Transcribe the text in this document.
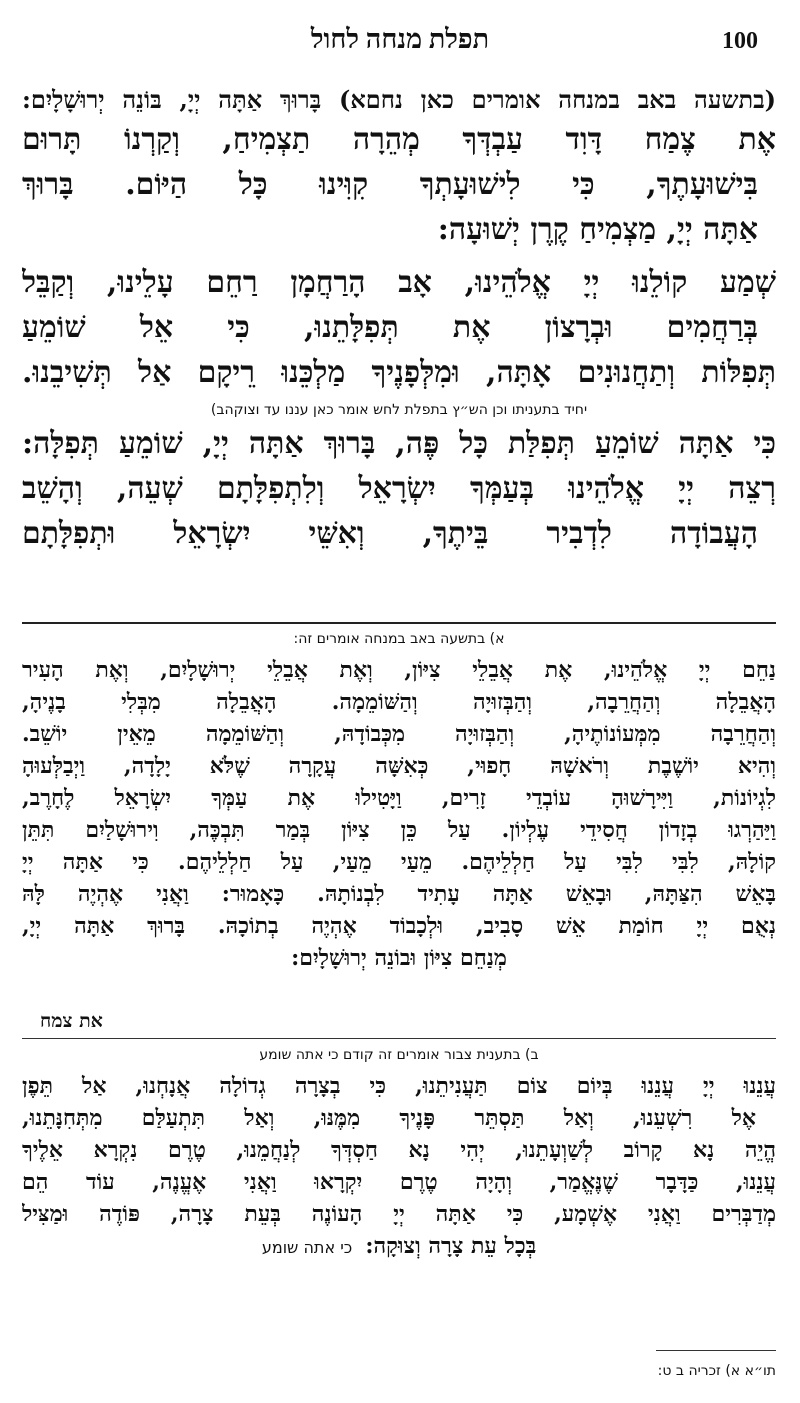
100
תפלת מנחה לחול
(בתשעה באב במנחה אומרים כאן נחםא) בָּרוּךְ אַתָּה יְיָ, בּוֹנֵה יְרוּשָׁלָיִם:
אֶת צֶמַח דָּוִד עַבְדְּךָ מְהֵרָה תַצְמִיחַ, וְקַרְנוֹ תָּרוּם
בִּישׁוּעָתֶךָ, כִּי לִישׁוּעָתְךָ קִוִּינוּ כָּל הַיּוֹם. בָּרוּךְ
אַתָּה יְיָ, מַצְמִיחַ קֶרֶן יְשׁוּעָה:
שְׁמַע קוֹלֵנוּ יְיָ אֱלֹהֵינוּ, אָב הָרַחֲמָן רַחֵם עָלֵינוּ, וְקַבֵּל
בְּרַחֲמִים וּבְרָצוֹן אֶת תְּפִלָּתֵנוּ, כִּי אֵל שׁוֹמֵעַ
תְּפִלּוֹת וְתַחֲנוּנִים אָתָּה, וּמִלְּפָנֶיךָ מַלְכֵּנוּ רֵיקָם אַל תְּשִׁיבֵנוּ.
יחיד בתעניתו וכן הש״ץ בתפלת לחש אומר כאן עננו עד וצוקהב)
כִּי אַתָּה שׁוֹמֵעַ תְּפִלַּת כָּל פֶּה, בָּרוּךְ אַתָּה יְיָ, שׁוֹמֵעַ תְּפִלָּה:
רְצֵה יְיָ אֱלֹהֵינוּ בְּעַמְּךָ יִשְׂרָאֵל וְלִתְפִלָּתָם שְׁעֵה, וְהָשֵׁב
הָעֲבוֹדָה לִדְבִיר בֵּיתֶךָ, וְאִשֵּׁי יִשְׂרָאֵל וּתְפִלָּתָם
א) בתשעה באב במנחה אומרים זה:
נַחֵם יְיָ אֱלֹהֵינוּ, אֶת אֲבֵלֵי צִיּוֹן, וְאֶת אֲבֵלֵי יְרוּשָׁלָיִם, וְאֶת הָעִיר
הָאֲבֵלָה וְהַחֲרֵבָה, וְהַבְּזוּיָה וְהַשּׁוֹמֵמָה. הָאֲבֵלָה מִבְּלִי בָנֶיהָ,
וְהַחֲרֵבָה מִמְּעוֹנוֹתֶיהָ, וְהַבְּזוּיָה מִכְּבוֹדָהּ, וְהַשּׁוֹמֵמָה מֵאֵין יוֹשֵׁב.
וְהִיא יוֹשֶׁבֶת וְרֹאשָׁהּ חָפוּי, כְּאִשָּׁה עֲקָרָה שֶׁלֹּא יָלָדָה, וַיְבַלְּעוּהָ
לִגְיוֹנוֹת, וַיִּירָשׁוּהָ עוֹבְדֵי זָרִים, וַיָּטִילוּ אֶת עַמְּךָ יִשְׂרָאֵל לֶחָרֶב,
וַיַּהַרְגוּ בְזָדוֹן חֲסִידֵי עֶלְיוֹן. עַל כֵּן צִיּוֹן בְּמַר תִּבְכֶּה, וִירוּשָׁלַיִם תִּתֵּן
קוֹלָהּ, לִבִּי לִבִּי עַל חַלְלֵיהֶם. מֵעַי מֵעַי, עַל חַלְלֵיהֶם. כִּי אַתָּה יְיָ
בָּאֵשׁ הִצַּתָּהּ, וּבָאֵשׁ אַתָּה עָתִיד לִבְנוֹתָהּ. כָּאָמוּר: וַאֲנִי אֶהְיֶה לָּהּ
נְאֻם יְיָ חוֹמַת אֵשׁ סָבִיב, וּלְכָבוֹד אֶהְיֶה בְתוֹכָהּ. בָּרוּךְ אַתָּה יְיָ,
מְנַחֵם צִיּוֹן וּבוֹנֵה יְרוּשָׁלָיִם:
את צמח
ב) בתענית צבור אומרים זה קודם כי אתה שומע
עֲנֵנוּ יְיָ עֲנֵנוּ בְּיוֹם צוֹם תַּעֲנִיתֵנוּ, כִּי בְצָרָה גְדוֹלָה אֲנָחְנוּ, אַל תֵּפֶן
אֶל רִשְׁעֵנוּ, וְאַל תַּסְתֵּר פָּנֶיךָ מִמֶּנּוּ, וְאַל תִּתְעַלַּם מִתְּחִנָּתֵנוּ,
הֱיֵה נָא קָרוֹב לְשַׁוְעָתֵנוּ, יְהִי נָא חַסְדְּךָ לְנַחֲמֵנוּ, טֶרֶם נִקְרָא אֵלֶיךָ
עֲנֵנוּ, כַּדָּבָר שֶׁנֶּאֱמַר, וְהָיָה טֶרֶם יִקְרָאוּ וַאֲנִי אֶעֱנֶה, עוֹד הֵם
מְדַבְּרִים וַאֲנִי אֶשְׁמָע, כִּי אַתָּה יְיָ הָעוֹנֶה בְּעֵת צָרָה, פּוֹדֶה וּמַצִּיל
בְּכָל עֵת צָרָה וְצוּקָה: כי אתה שומע
תו״א א) זכריה ב ט:
